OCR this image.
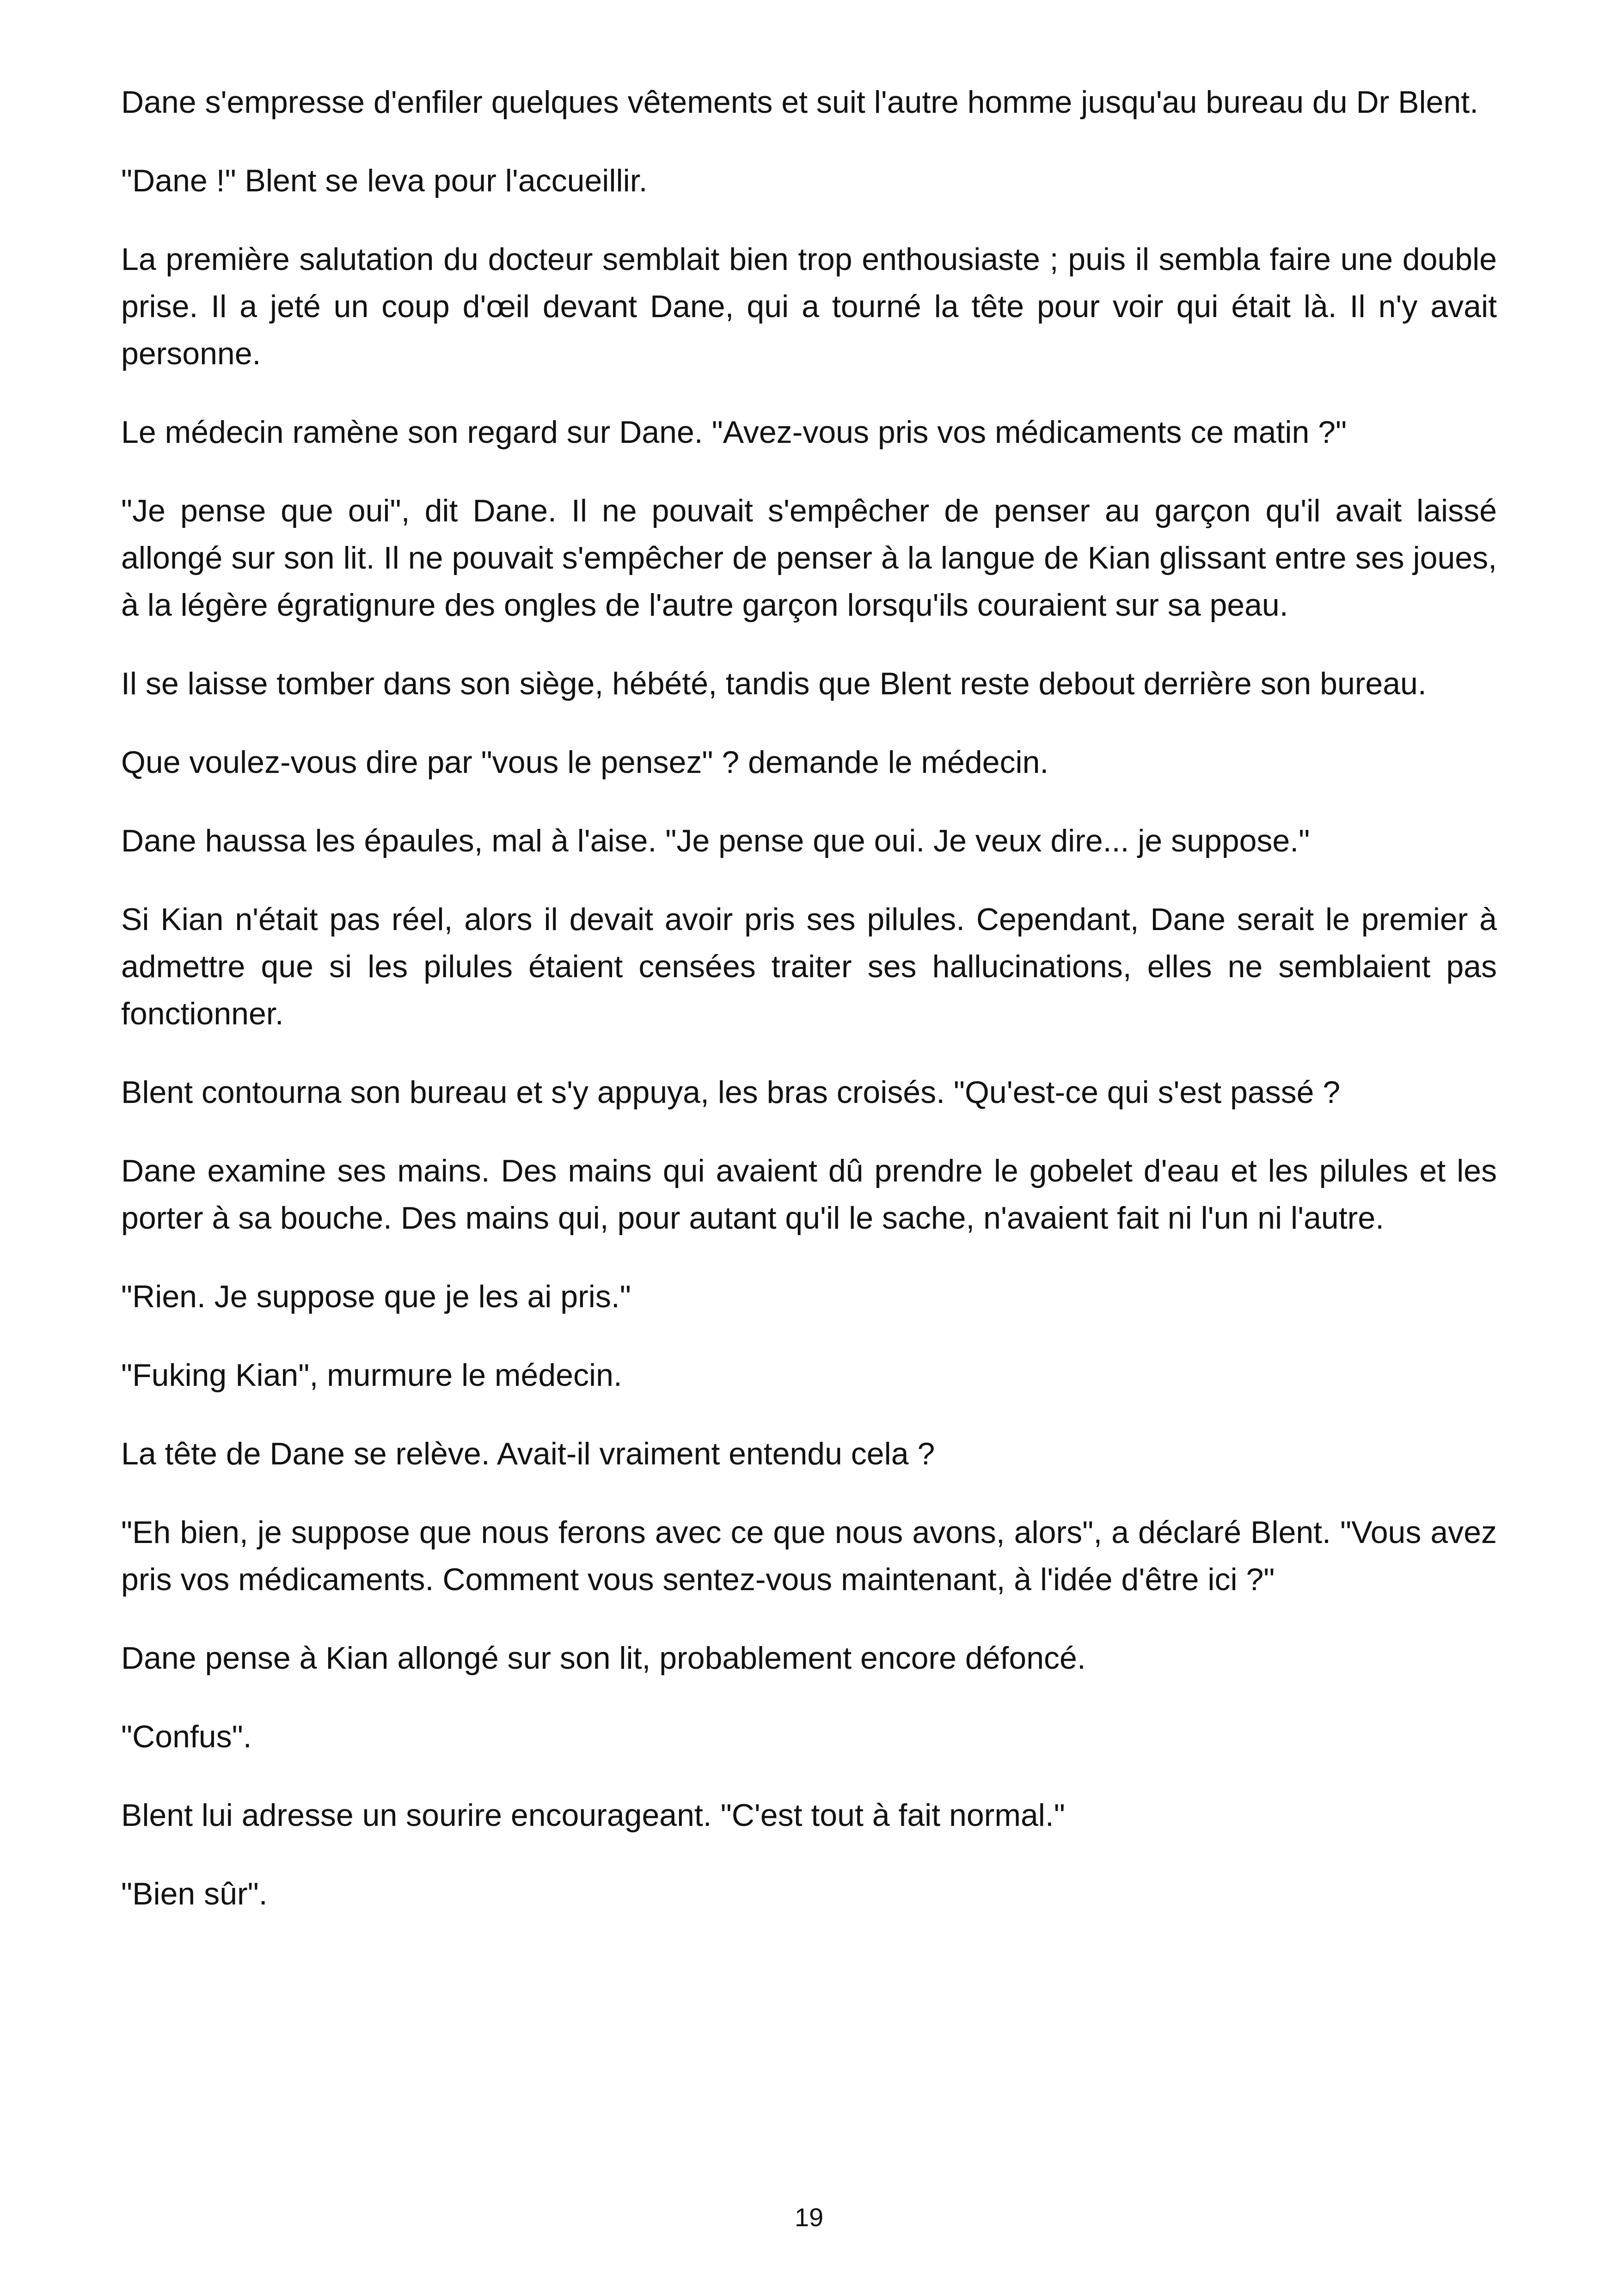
Dane s'empresse d'enfiler quelques vêtements et suit l'autre homme jusqu'au bureau du Dr Blent.

"Dane !" Blent se leva pour l'accueillir.

La première salutation du docteur semblait bien trop enthousiaste ; puis il sembla faire une double prise. Il a jeté un coup d'œil devant Dane, qui a tourné la tête pour voir qui était là. Il n'y avait personne.

Le médecin ramène son regard sur Dane. "Avez-vous pris vos médicaments ce matin ?"

"Je pense que oui", dit Dane. Il ne pouvait s'empêcher de penser au garçon qu'il avait laissé allongé sur son lit. Il ne pouvait s'empêcher de penser à la langue de Kian glissant entre ses joues, à la légère égratignure des ongles de l'autre garçon lorsqu'ils couraient sur sa peau.

Il se laisse tomber dans son siège, hébété, tandis que Blent reste debout derrière son bureau.

Que voulez-vous dire par "vous le pensez" ? demande le médecin.

Dane haussa les épaules, mal à l'aise. "Je pense que oui. Je veux dire... je suppose."

Si Kian n'était pas réel, alors il devait avoir pris ses pilules. Cependant, Dane serait le premier à admettre que si les pilules étaient censées traiter ses hallucinations, elles ne semblaient pas fonctionner.

Blent contourna son bureau et s'y appuya, les bras croisés. "Qu'est-ce qui s'est passé ?

Dane examine ses mains. Des mains qui avaient dû prendre le gobelet d'eau et les pilules et les porter à sa bouche. Des mains qui, pour autant qu'il le sache, n'avaient fait ni l'un ni l'autre.

"Rien. Je suppose que je les ai pris."

"Fuking Kian", murmure le médecin.

La tête de Dane se relève. Avait-il vraiment entendu cela ?

"Eh bien, je suppose que nous ferons avec ce que nous avons, alors", a déclaré Blent. "Vous avez pris vos médicaments. Comment vous sentez-vous maintenant, à l'idée d'être ici ?"

Dane pense à Kian allongé sur son lit, probablement encore défoncé.

"Confus".

Blent lui adresse un sourire encourageant. "C'est tout à fait normal."

"Bien sûr".

19
